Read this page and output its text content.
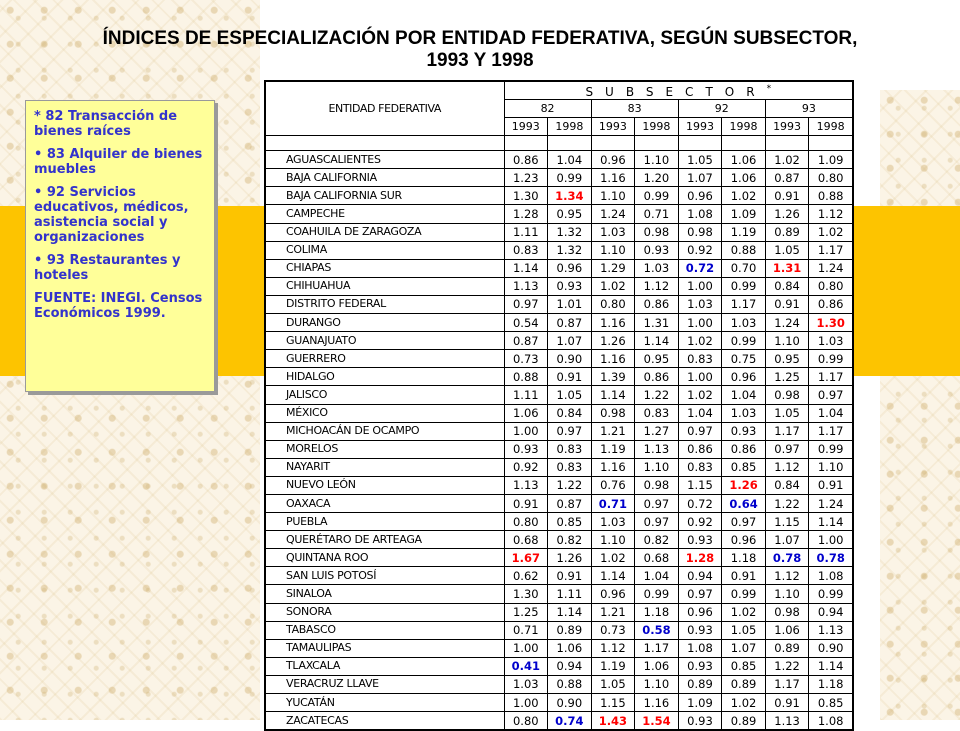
ÍNDICES DE ESPECIALIZACIÓN POR ENTIDAD FEDERATIVA, SEGÚN SUBSECTOR,
1993 Y 1998

* 82 Transacción de bienes raíces

• 83 Alquiler de bienes muebles

• 92 Servicios educativos, médicos, asistencia social y organizaciones

• 93 Restaurantes y hoteles

FUENTE: INEGI. Censos Económicos 1999.

ENTIDAD FEDERATIVA	SUBSECTOR*
	82		83		92		93	
	1993	1998	1993	1998	1993	1998	1993	1998

AGUASCALIENTES	0.86	1.04	0.96	1.10	1.05	1.06	1.02	1.09
BAJA CALIFORNIA	1.23	0.99	1.16	1.20	1.07	1.06	0.87	0.80
BAJA CALIFORNIA SUR	1.30	1.34	1.10	0.99	0.96	1.02	0.91	0.88
CAMPECHE	1.28	0.95	1.24	0.71	1.08	1.09	1.26	1.12
COAHUILA DE ZARAGOZA	1.11	1.32	1.03	0.98	0.98	1.19	0.89	1.02
COLIMA	0.83	1.32	1.10	0.93	0.92	0.88	1.05	1.17
CHIAPAS	1.14	0.96	1.29	1.03	0.72	0.70	1.31	1.24
CHIHUAHUA	1.13	0.93	1.02	1.12	1.00	0.99	0.84	0.80
DISTRITO FEDERAL	0.97	1.01	0.80	0.86	1.03	1.17	0.91	0.86
DURANGO	0.54	0.87	1.16	1.31	1.00	1.03	1.24	1.30
GUANAJUATO	0.87	1.07	1.26	1.14	1.02	0.99	1.10	1.03
GUERRERO	0.73	0.90	1.16	0.95	0.83	0.75	0.95	0.99
HIDALGO	0.88	0.91	1.39	0.86	1.00	0.96	1.25	1.17
JALISCO	1.11	1.05	1.14	1.22	1.02	1.04	0.98	0.97
MÉXICO	1.06	0.84	0.98	0.83	1.04	1.03	1.05	1.04
MICHOACÁN DE OCAMPO	1.00	0.97	1.21	1.27	0.97	0.93	1.17	1.17
MORELOS	0.93	0.83	1.19	1.13	0.86	0.86	0.97	0.99
NAYARIT	0.92	0.83	1.16	1.10	0.83	0.85	1.12	1.10
NUEVO LEÓN	1.13	1.22	0.76	0.98	1.15	1.26	0.84	0.91
OAXACA	0.91	0.87	0.71	0.97	0.72	0.64	1.22	1.24
PUEBLA	0.80	0.85	1.03	0.97	0.92	0.97	1.15	1.14
QUERÉTARO DE ARTEAGA	0.68	0.82	1.10	0.82	0.93	0.96	1.07	1.00
QUINTANA ROO	1.67	1.26	1.02	0.68	1.28	1.18	0.78	0.78
SAN LUIS POTOSÍ	0.62	0.91	1.14	1.04	0.94	0.91	1.12	1.08
SINALOA	1.30	1.11	0.96	0.99	0.97	0.99	1.10	0.99
SONORA	1.25	1.14	1.21	1.18	0.96	1.02	0.98	0.94
TABASCO	0.71	0.89	0.73	0.58	0.93	1.05	1.06	1.13
TAMAULIPAS	1.00	1.06	1.12	1.17	1.08	1.07	0.89	0.90
TLAXCALA	0.41	0.94	1.19	1.06	0.93	0.85	1.22	1.14
VERACRUZ LLAVE	1.03	0.88	1.05	1.10	0.89	0.89	1.17	1.18
YUCATÁN	1.00	0.90	1.15	1.16	1.09	1.02	0.91	0.85
ZACATECAS	0.80	0.74	1.43	1.54	0.93	0.89	1.13	1.08
